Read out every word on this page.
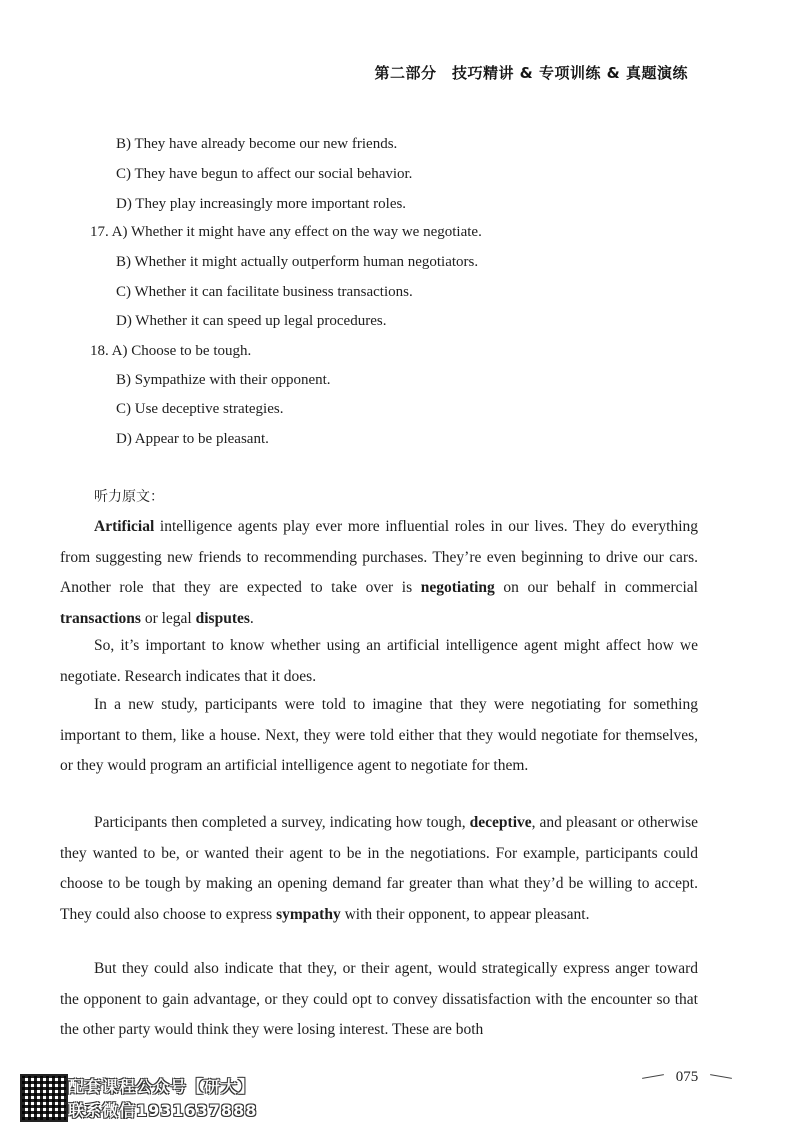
第二部分　技巧精讲 & 专项训练 & 真题演练
B) They have already become our new friends.
C) They have begun to affect our social behavior.
D) They play increasingly more important roles.
17. A) Whether it might have any effect on the way we negotiate.
B) Whether it might actually outperform human negotiators.
C) Whether it can facilitate business transactions.
D) Whether it can speed up legal procedures.
18. A) Choose to be tough.
B) Sympathize with their opponent.
C) Use deceptive strategies.
D) Appear to be pleasant.
听力原文：
Artificial intelligence agents play ever more influential roles in our lives. They do everything from suggesting new friends to recommending purchases. They’re even beginning to drive our cars. Another role that they are expected to take over is negotiating on our behalf in commercial transactions or legal disputes.
So, it’s important to know whether using an artificial intelligence agent might affect how we negotiate. Research indicates that it does.
In a new study, participants were told to imagine that they were negotiating for something important to them, like a house. Next, they were told either that they would negotiate for themselves, or they would program an artificial intelligence agent to negotiate for them.
Participants then completed a survey, indicating how tough, deceptive, and pleasant or otherwise they wanted to be, or wanted their agent to be in the negotiations. For example, participants could choose to be tough by making an opening demand far greater than what they’d be willing to accept. They could also choose to express sympathy with their opponent, to appear pleasant.
But they could also indicate that they, or their agent, would strategically express anger toward the opponent to gain advantage, or they could opt to convey dissatisfaction with the encounter so that the other party would think they were losing interest. These are both
配套课程公众号【研大】
联系微信1931637888
075
